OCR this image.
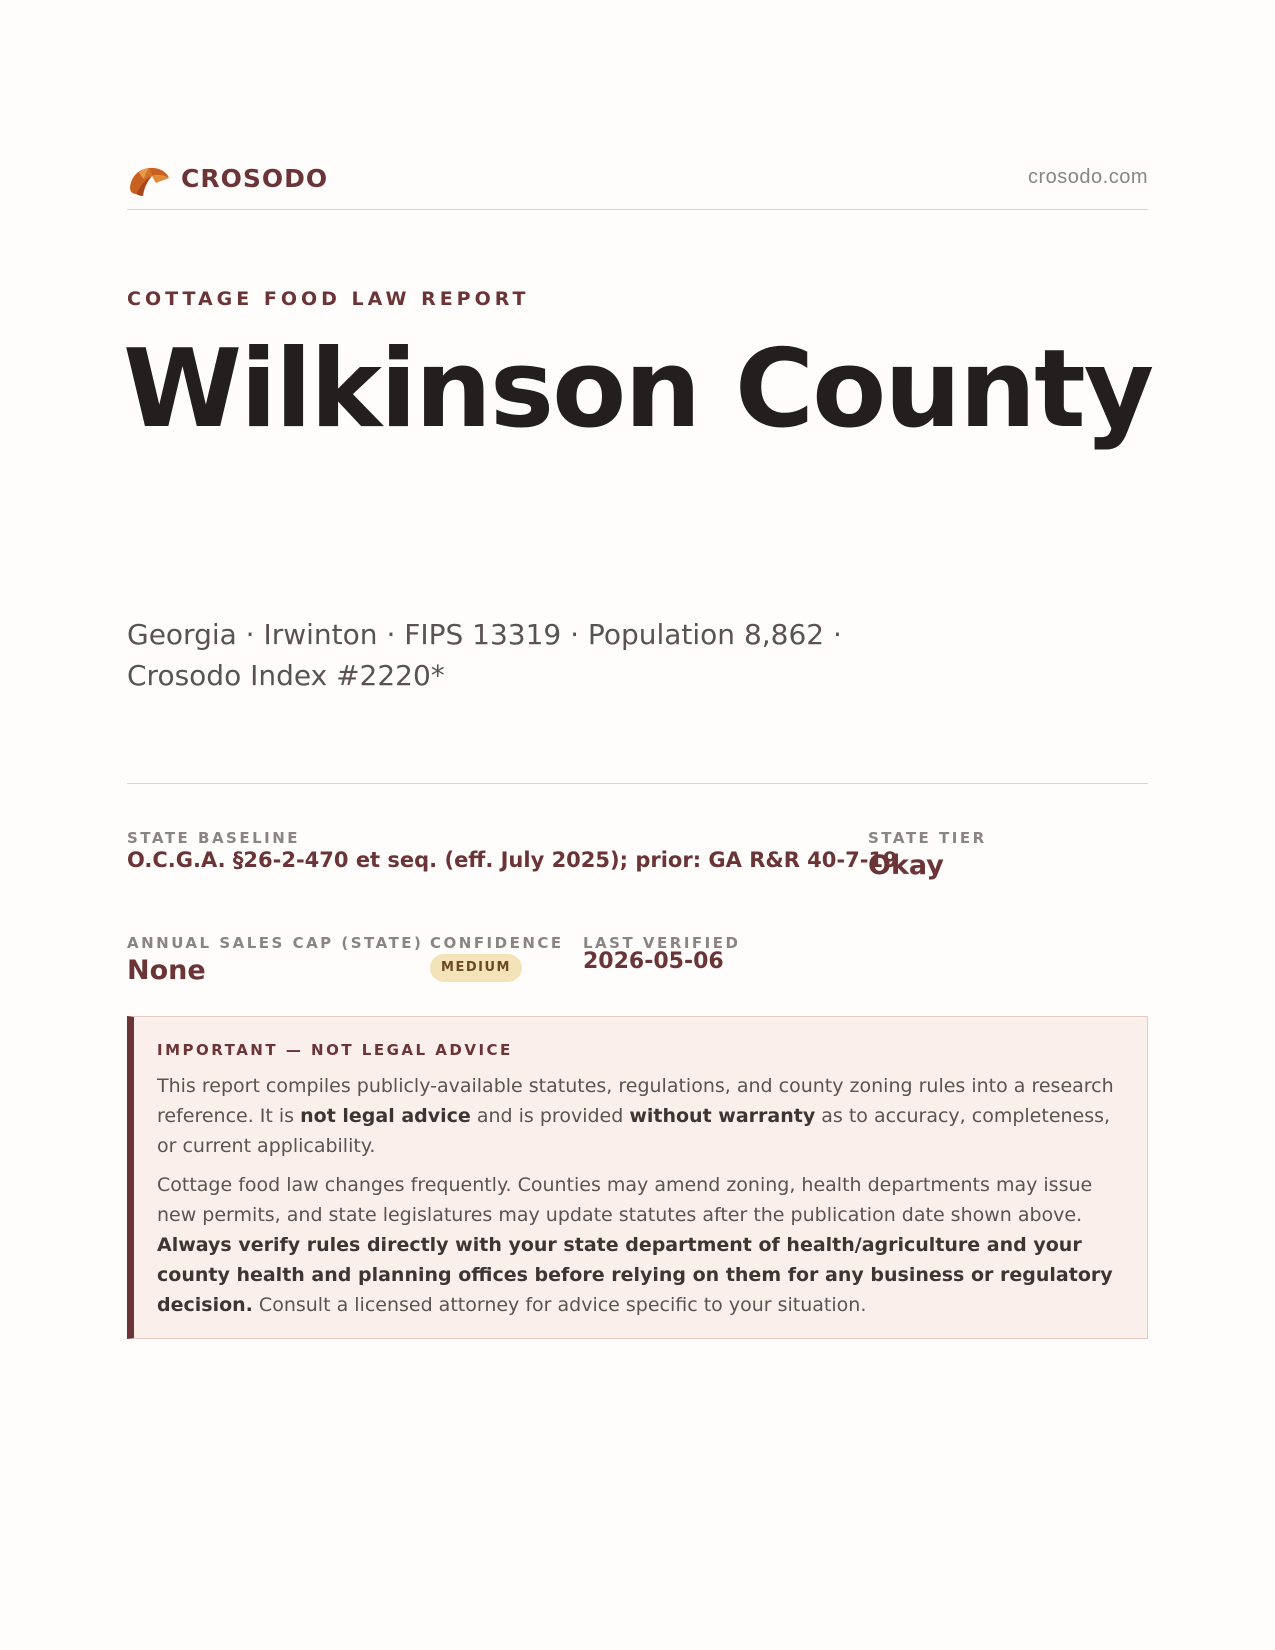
CROSODO	crosodo.com
COTTAGE FOOD LAW REPORT
Wilkinson County
Georgia · Irwinton · FIPS 13319 · Population 8,862 · Crosodo Index #2220*
STATE BASELINE
O.C.G.A. §26-2-470 et seq. (eff. July 2025); prior: GA R&R 40-7-19
STATE TIER
Okay
ANNUAL SALES CAP (STATE)
None
CONFIDENCE
MEDIUM
LAST VERIFIED
2026-05-06
IMPORTANT — NOT LEGAL ADVICE

This report compiles publicly-available statutes, regulations, and county zoning rules into a research reference. It is not legal advice and is provided without warranty as to accuracy, completeness, or current applicability.

Cottage food law changes frequently. Counties may amend zoning, health departments may issue new permits, and state legislatures may update statutes after the publication date shown above. Always verify rules directly with your state department of health/agriculture and your county health and planning offices before relying on them for any business or regulatory decision. Consult a licensed attorney for advice specific to your situation.
